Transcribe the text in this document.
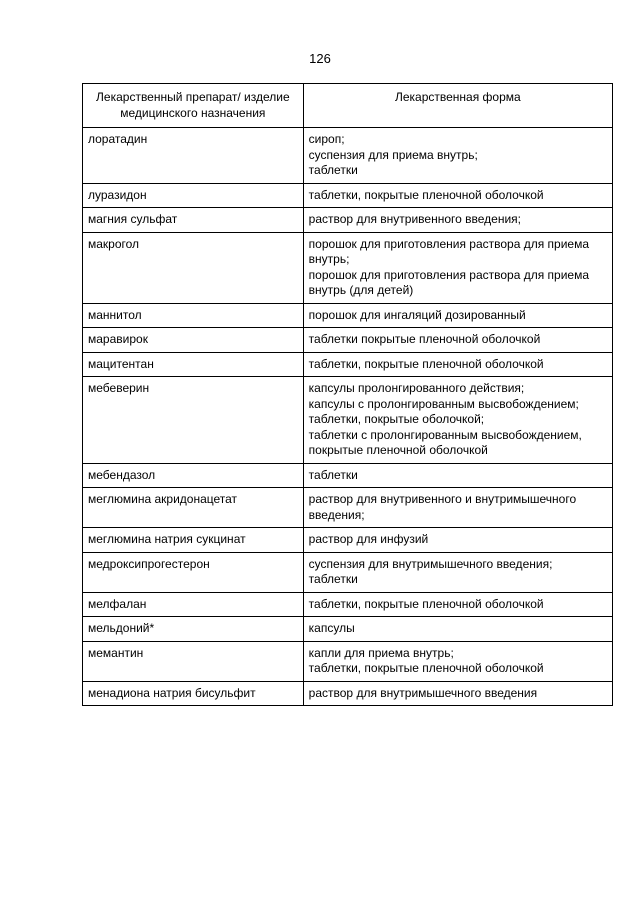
126
Лекарственный препарат/ изделие медицинского назначения	Лекарственная форма
лоратадин	сироп;
суспензия для приема внутрь;
таблетки

луразидон	таблетки, покрытые пленочной оболочкой

магния сульфат	раствор для внутривенного введения;

макрогол	порошок для приготовления раствора для приема внутрь;
порошок для приготовления раствора для приема внутрь (для детей)

маннитол	порошок для ингаляций дозированный

маравирок	таблетки покрытые пленочной оболочкой

мацитентан	таблетки, покрытые пленочной оболочкой

мебеверин	капсулы пролонгированного действия;
капсулы с пролонгированным высвобождением;
таблетки, покрытые оболочкой;
таблетки с пролонгированным высвобождением, покрытые пленочной оболочкой

мебендазол	таблетки

меглюмина акридонацетат	раствор для внутривенного и внутримышечного введения;

меглюмина натрия сукцинат	раствор для инфузий

медроксипрогестерон	суспензия для внутримышечного введения;
таблетки

мелфалан	таблетки, покрытые пленочной оболочкой

мельдоний*	капсулы

мемантин	капли для приема внутрь;
таблетки, покрытые пленочной оболочкой

менадиона натрия бисульфит	раствор для внутримышечного введения
